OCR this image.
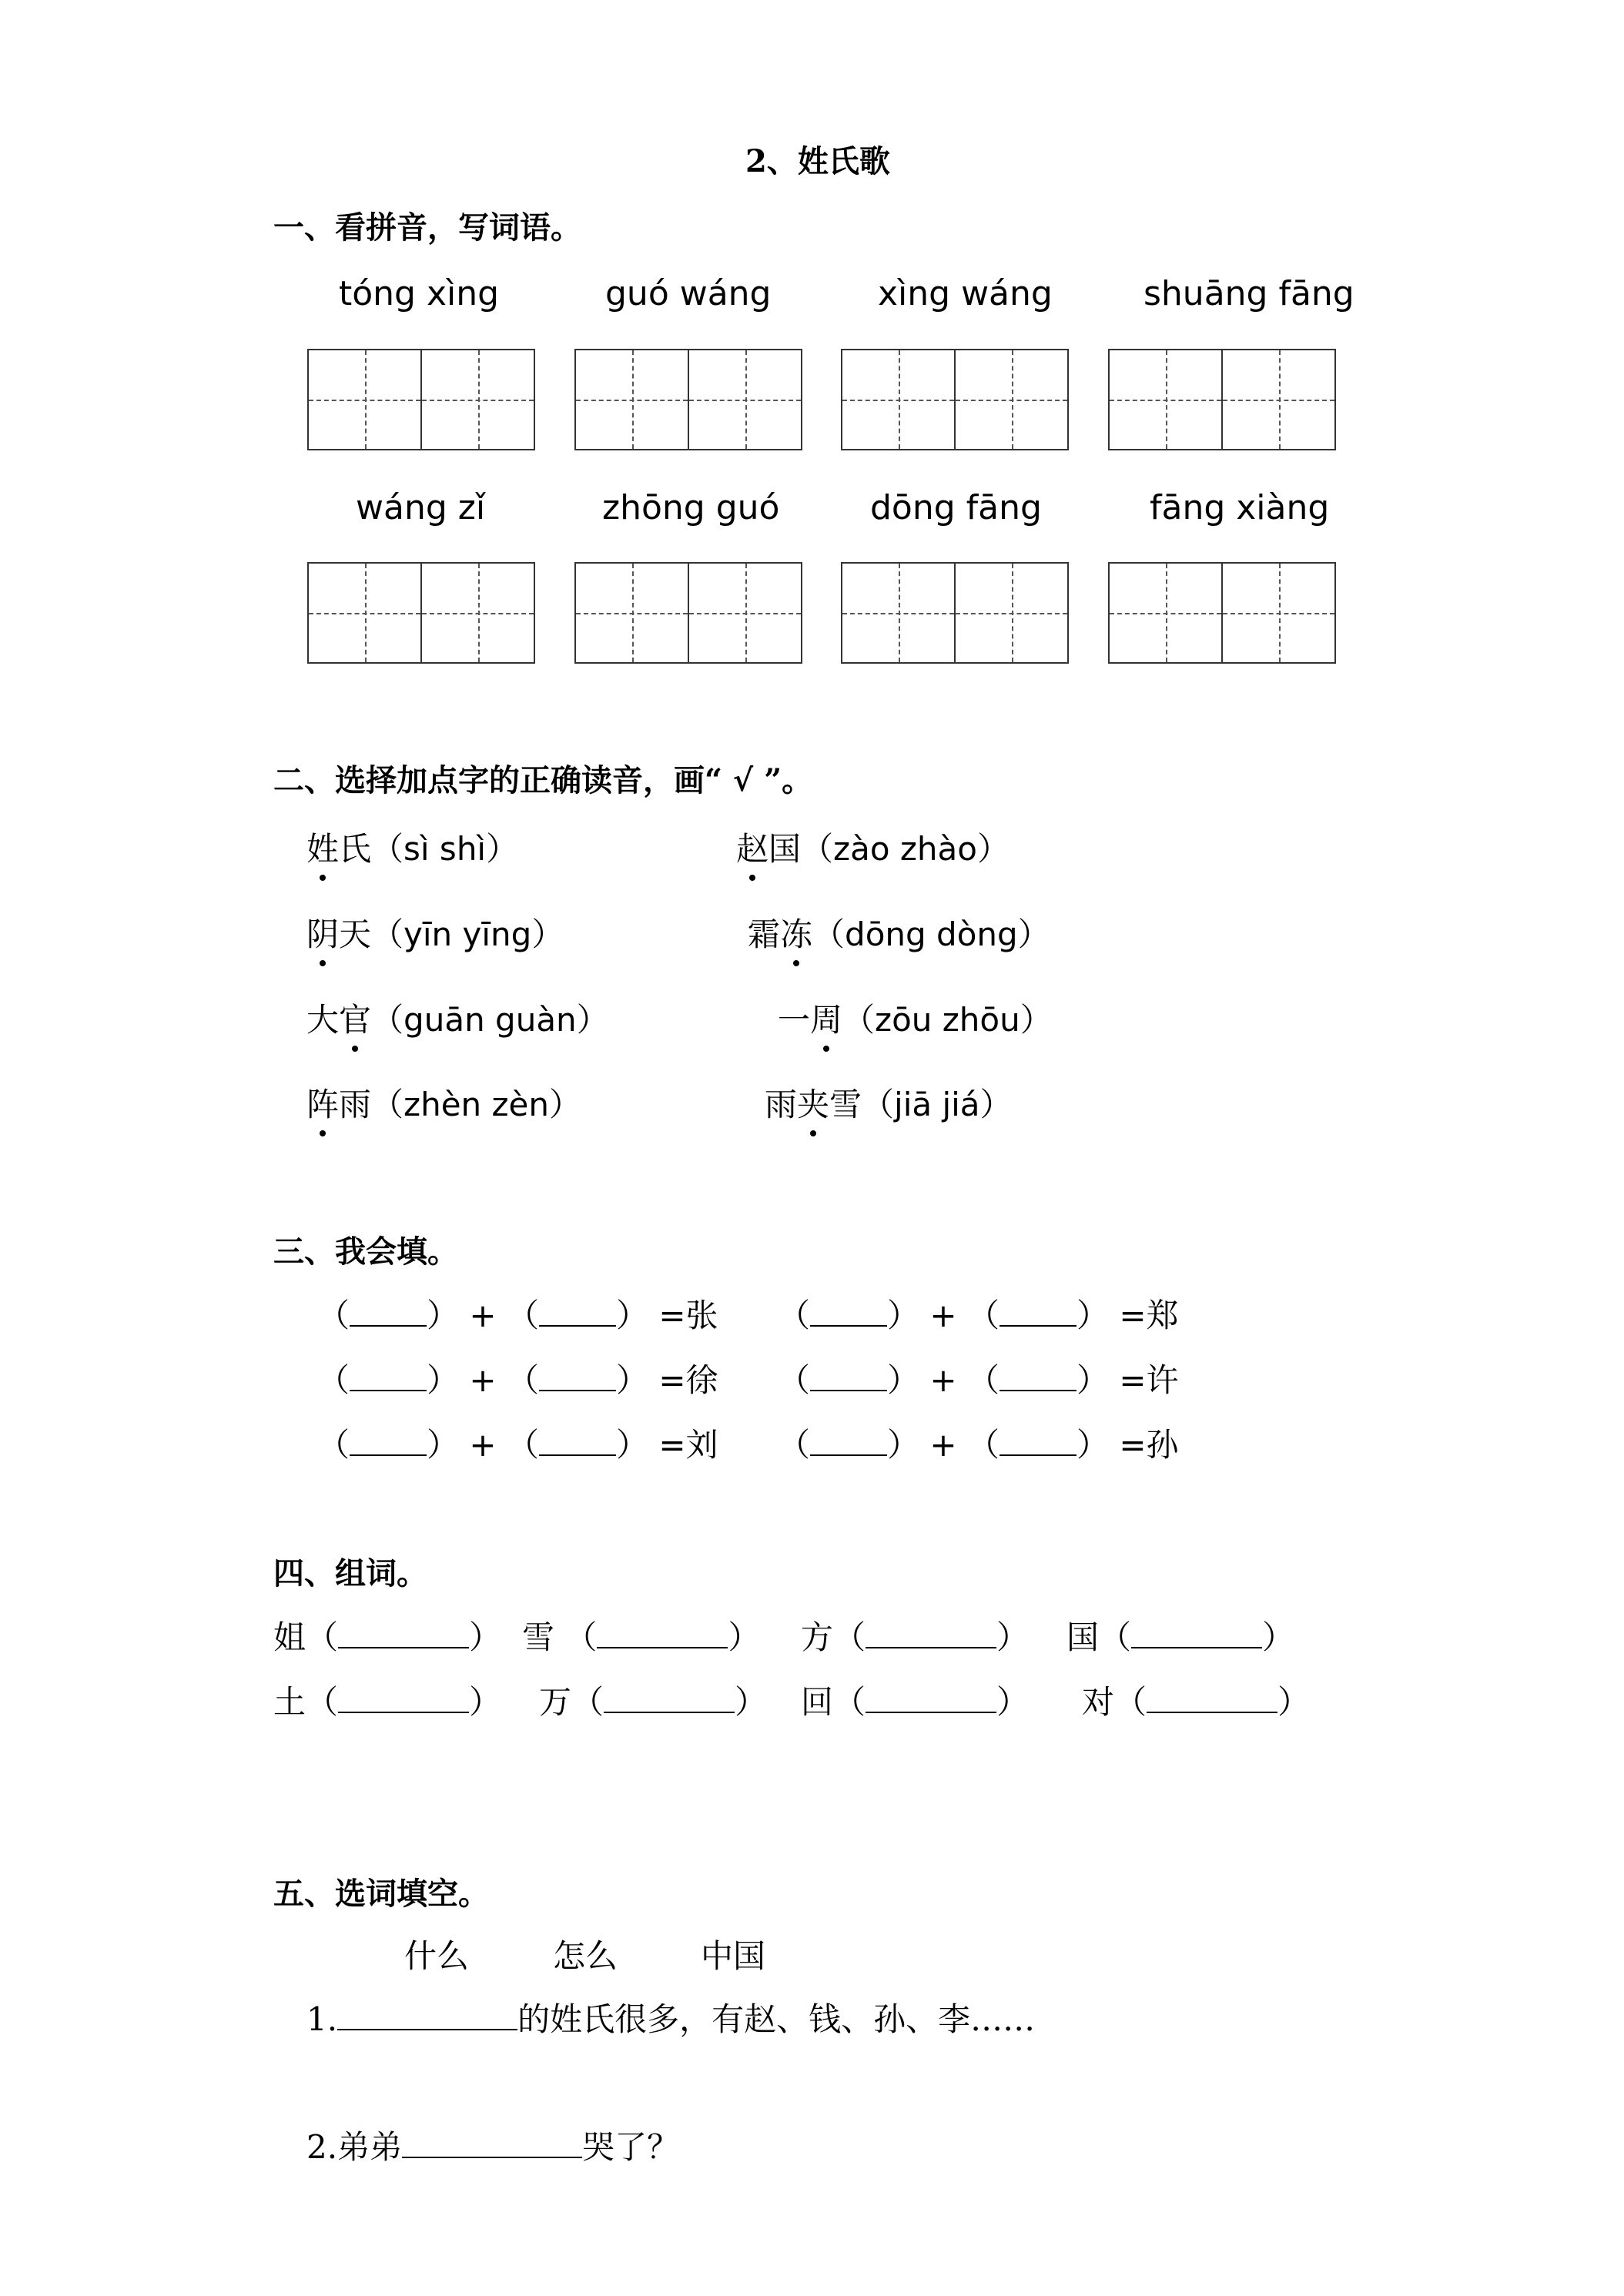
2、姓氏歌
一、看拼音，写词语。
tóng xìng	guó wáng	xìng wáng	shuāng fāng
wáng zǐ	zhōng guó	dōng fāng	fāng xiàng
二、选择加点字的正确读音，画“ √ ”。
姓氏（sì shì）	赵国（zào zhào）
阴天（yīn yīng）	霜冻（dōng dòng）
大官（guān guàn）	一周（zōu zhōu）
阵雨（zhèn zèn）	雨夹雪（jiā jiá）
三、我会填。
（ ） + （ ） =张 （ ） + （ ） =郑
（ ） + （ ） =徐 （ ） + （ ） =许
（ ） + （ ） =刘 （ ） + （ ） =孙
四、组词。
姐（	） 雪 （	） 方（	） 国（	）
土（	） 万（	） 回（	） 对（	）
五、选词填空。
什么	怎么	中国
1.	的姓氏很多，有赵、钱、孙、李……
2.弟弟	哭了？
